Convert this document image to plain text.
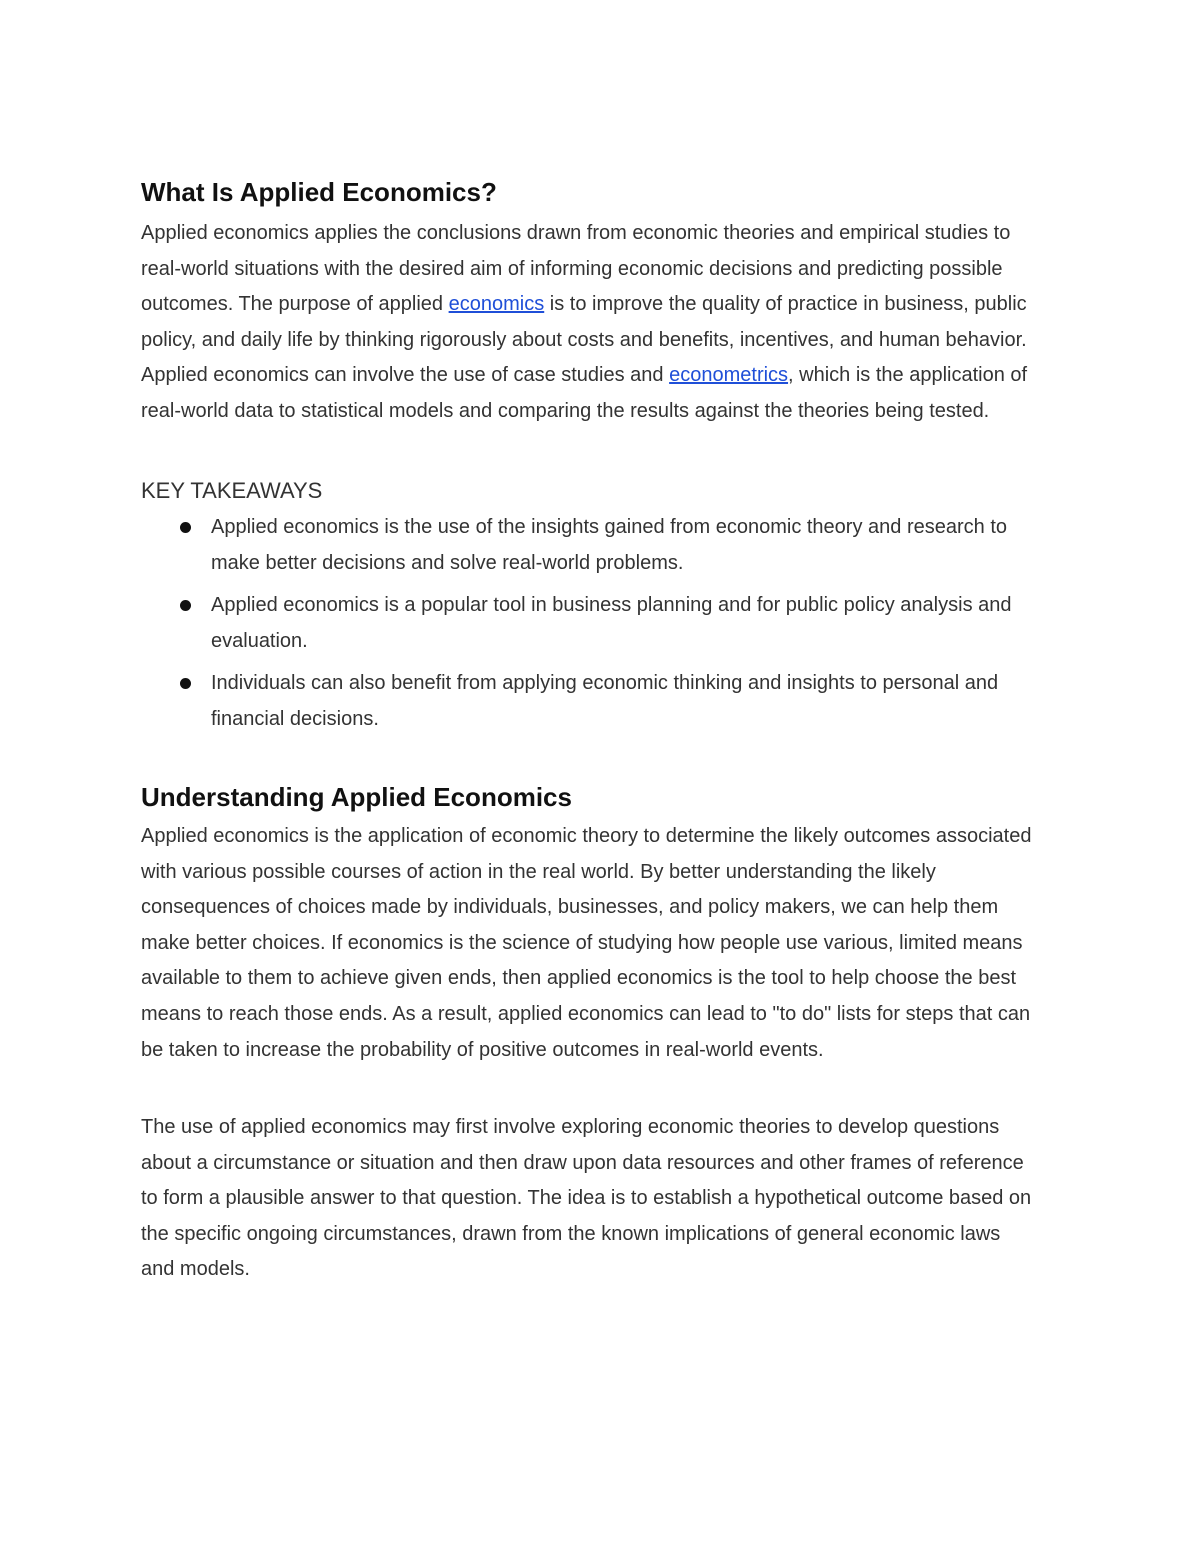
What Is Applied Economics?
Applied economics applies the conclusions drawn from economic theories and empirical studies to
real-world situations with the desired aim of informing economic decisions and predicting possible
outcomes. The purpose of applied economics is to improve the quality of practice in business, public
policy, and daily life by thinking rigorously about costs and benefits, incentives, and human behavior.
Applied economics can involve the use of case studies and econometrics, which is the application of
real-world data to statistical models and comparing the results against the theories being tested.
KEY TAKEAWAYS
Applied economics is the use of the insights gained from economic theory and research to
make better decisions and solve real-world problems.
Applied economics is a popular tool in business planning and for public policy analysis and
evaluation.
Individuals can also benefit from applying economic thinking and insights to personal and
financial decisions.
Understanding Applied Economics
Applied economics is the application of economic theory to determine the likely outcomes associated
with various possible courses of action in the real world. By better understanding the likely
consequences of choices made by individuals, businesses, and policy makers, we can help them
make better choices. If economics is the science of studying how people use various, limited means
available to them to achieve given ends, then applied economics is the tool to help choose the best
means to reach those ends. As a result, applied economics can lead to "to do" lists for steps that can
be taken to increase the probability of positive outcomes in real-world events.
The use of applied economics may first involve exploring economic theories to develop questions
about a circumstance or situation and then draw upon data resources and other frames of reference
to form a plausible answer to that question. The idea is to establish a hypothetical outcome based on
the specific ongoing circumstances, drawn from the known implications of general economic laws
and models.
